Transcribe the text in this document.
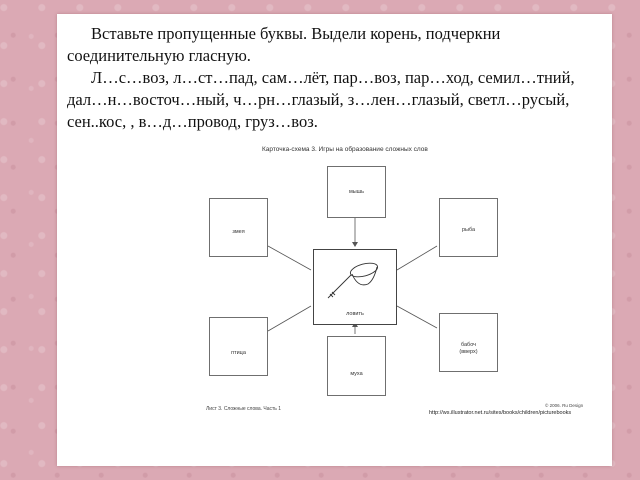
Вставьте пропущенные буквы. Выдели корень, подчеркни соединительную гласную.

Л…с…воз, л…ст…пад, сам…лёт, пар…воз, пар…ход, семил…тний, дал…н…восточ…ный, ч…рн…глазый, з…лен…глазый, светл…русый, сен..кос, , в…д…провод, груз…воз.

Карточка-схема 3. Игры на образование сложных слов
мышь
змея	рыба
ловить
птица
бабоч
(вверх)
муха
Лист 3. Сложные слова. Часть 1
© 2006. Ru Design
http://ws.illustrator.net.ru/sites/books/children/picturebooks
